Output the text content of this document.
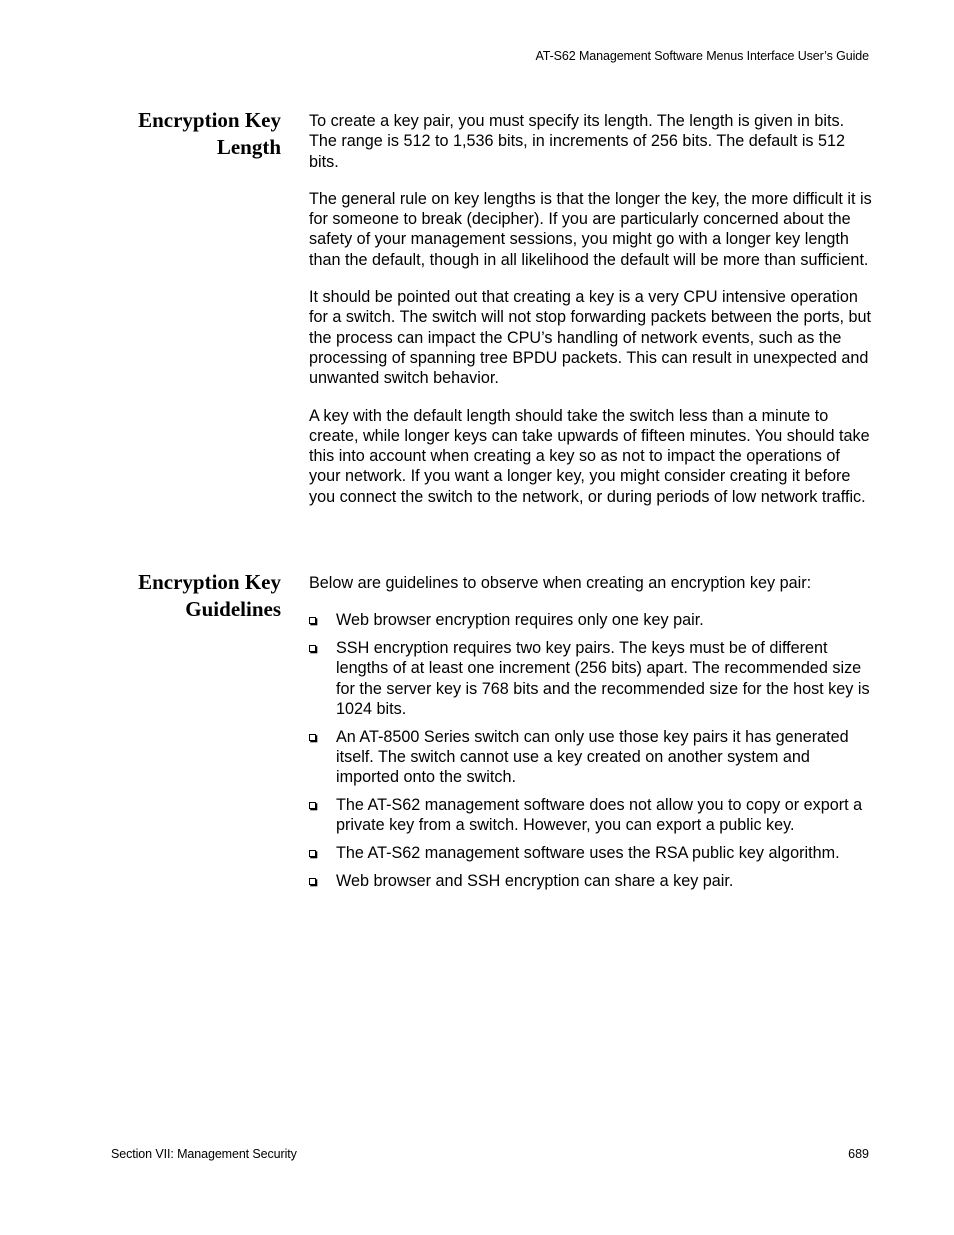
AT-S62 Management Software Menus Interface User’s Guide
Encryption Key
Length

To create a key pair, you must specify its length. The length is given in bits. The range is 512 to 1,536 bits, in increments of 256 bits. The default is 512 bits.

The general rule on key lengths is that the longer the key, the more difficult it is for someone to break (decipher). If you are particularly concerned about the safety of your management sessions, you might go with a longer key length than the default, though in all likelihood the default will be more than sufficient.

It should be pointed out that creating a key is a very CPU intensive operation for a switch. The switch will not stop forwarding packets between the ports, but the process can impact the CPU’s handling of network events, such as the processing of spanning tree BPDU packets. This can result in unexpected and unwanted switch behavior.

A key with the default length should take the switch less than a minute to create, while longer keys can take upwards of fifteen minutes. You should take this into account when creating a key so as not to impact the operations of your network. If you want a longer key, you might consider creating it before you connect the switch to the network, or during periods of low network traffic.

Encryption Key
Guidelines

Below are guidelines to observe when creating an encryption key pair:

Web browser encryption requires only one key pair.
SSH encryption requires two key pairs. The keys must be of different lengths of at least one increment (256 bits) apart. The recommended size for the server key is 768 bits and the recommended size for the host key is 1024 bits.
An AT-8500 Series switch can only use those key pairs it has generated itself. The switch cannot use a key created on another system and imported onto the switch.
The AT-S62 management software does not allow you to copy or export a private key from a switch. However, you can export a public key.
The AT-S62 management software uses the RSA public key algorithm.
Web browser and SSH encryption can share a key pair.
Section VII: Management Security	689
